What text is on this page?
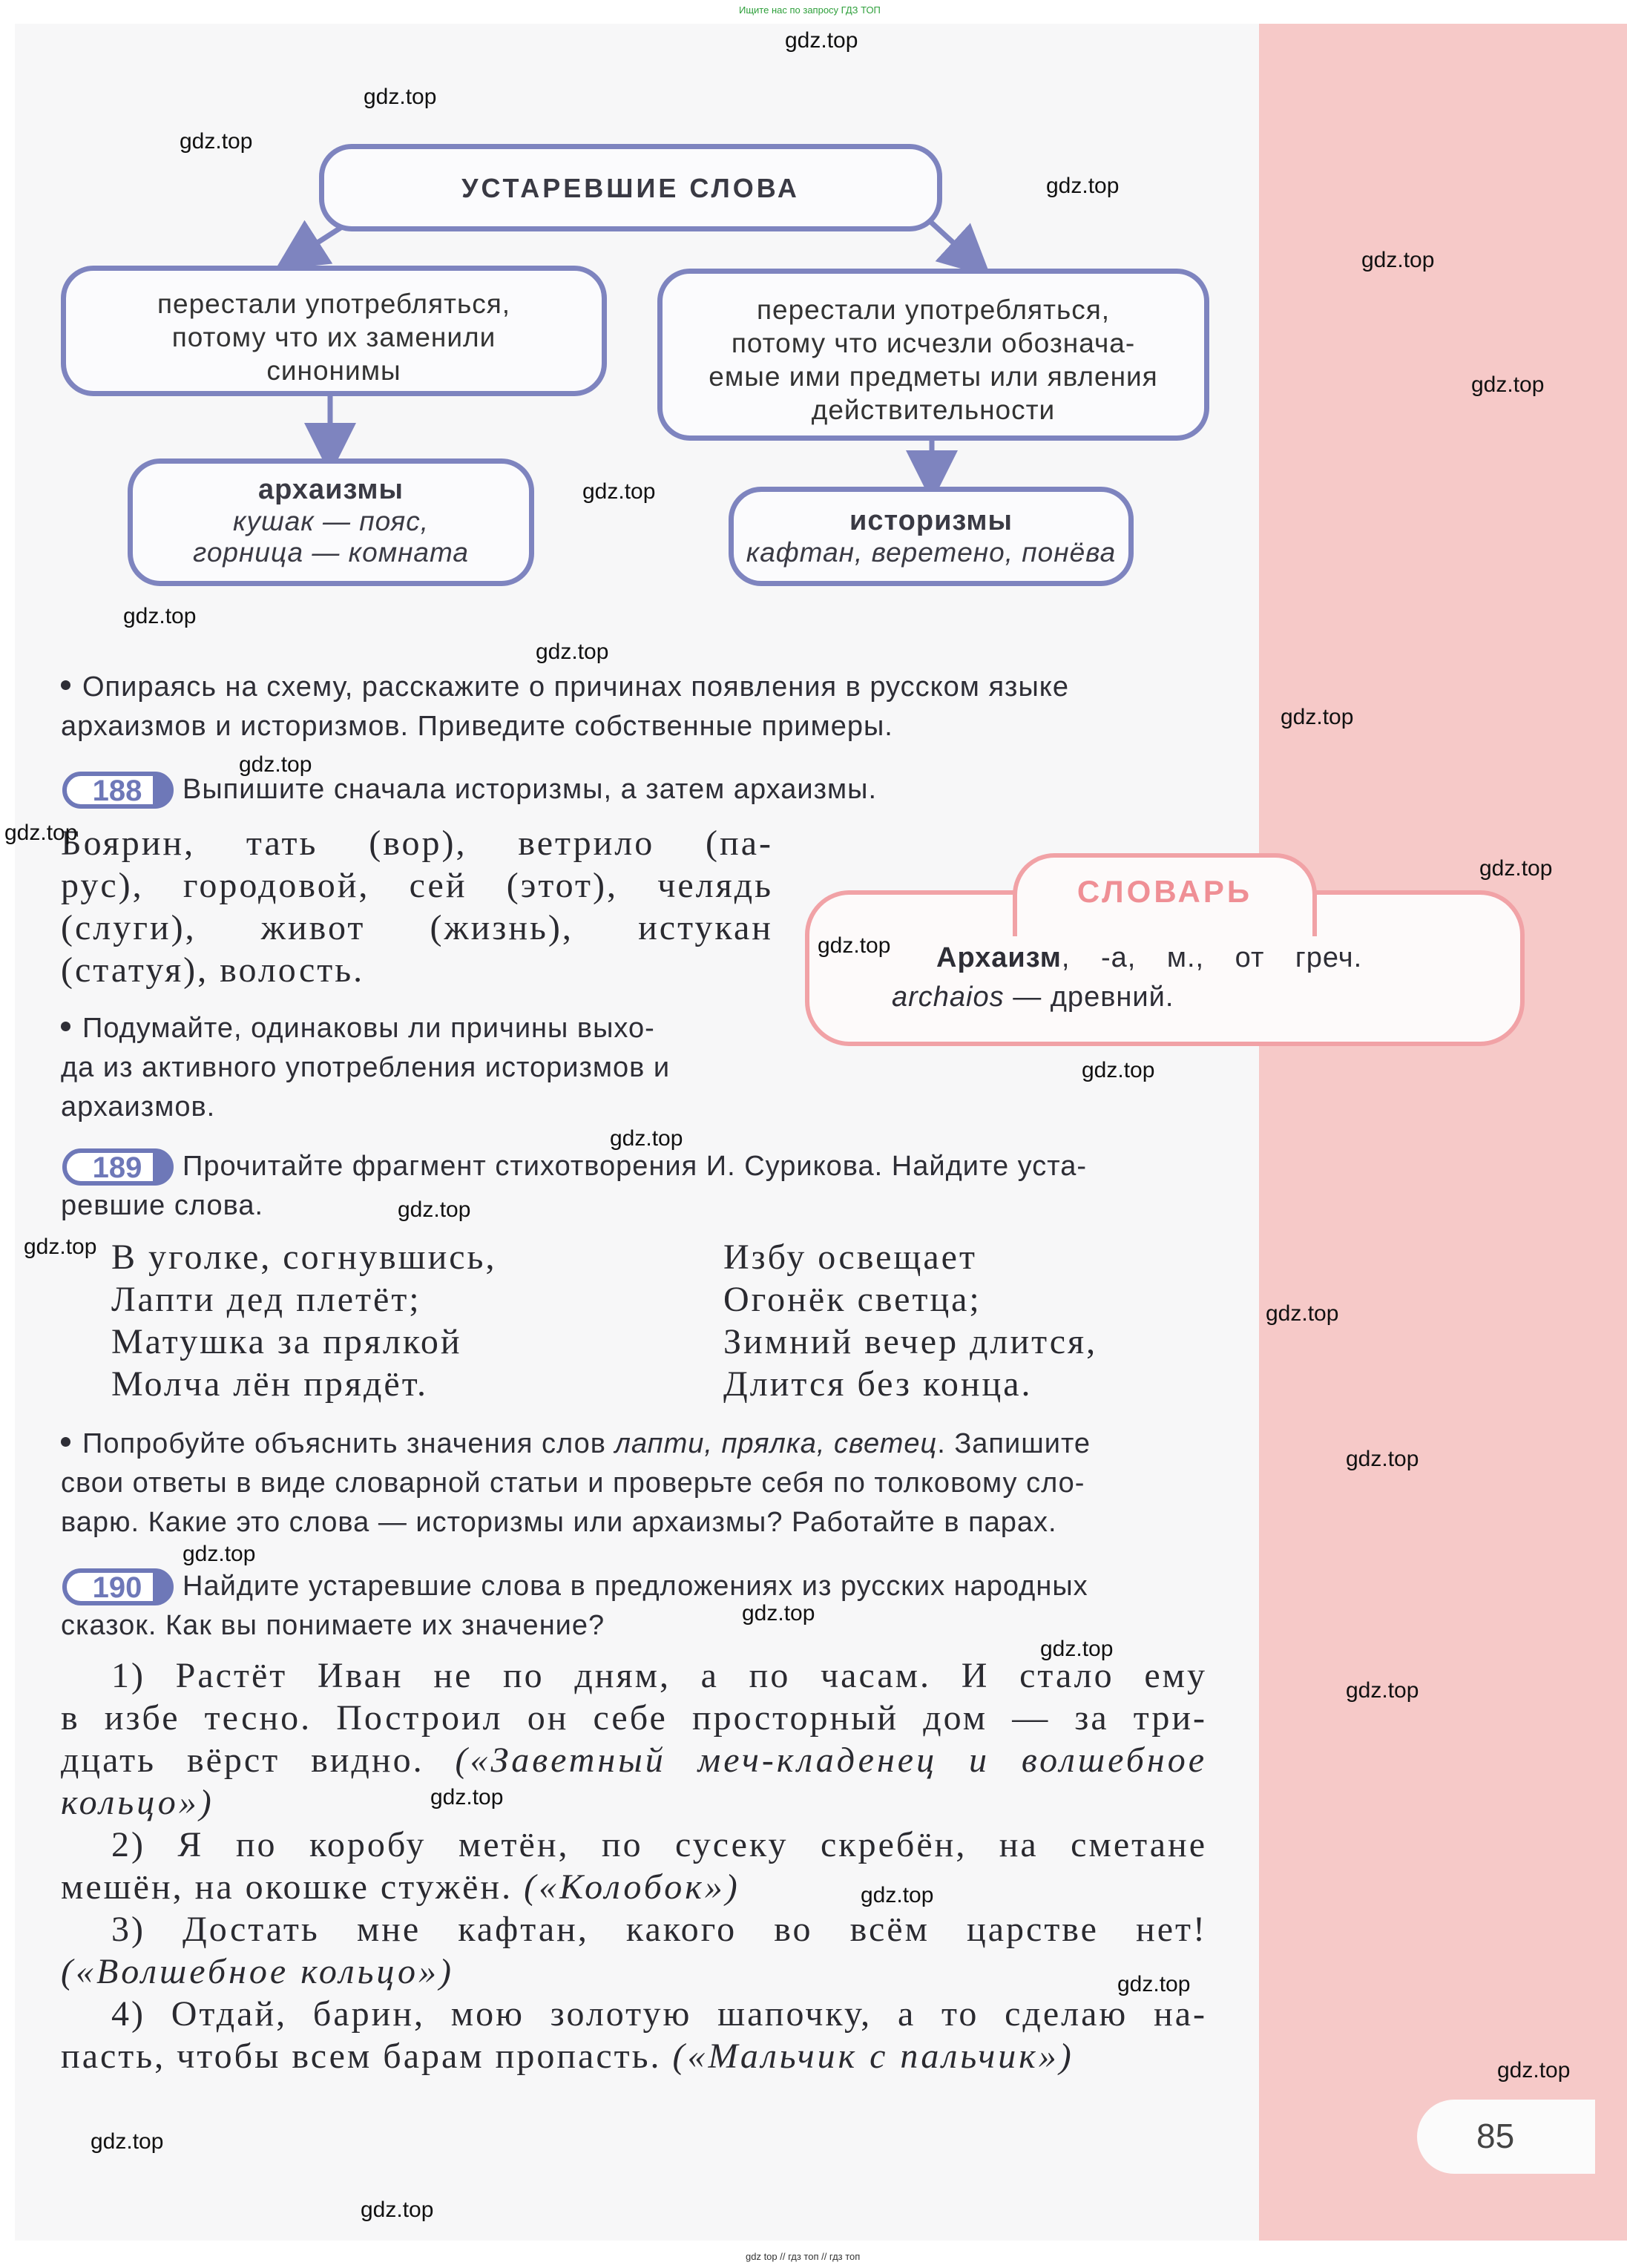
Ищите нас по запросу ГДЗ ТОП
gdz top // гдз топ // гдз топ
УСТАРЕВШИЕ СЛОВА
перестали употребляться,
потому что их заменили
синонимы
перестали употребляться,
потому что исчезли обознача-
емые ими предметы или явления
действительности
архаизмы
кушак — пояс,
горница — комната
историзмы
кафтан, веретено, понёва
Опираясь на схему, расскажите о причинах появления в русском языке
архаизмов и историзмов. Приведите собственные примеры.
188	Выпишите сначала историзмы, а затем архаизмы.
Боярин, тать (вор), ветрило (па-
рус), городовой, сей (этот), челядь
(слуги), живот (жизнь), истукан
(статуя), волость.
Подумайте, одинаковы ли причины выхо-
да из активного употребления историзмов и
архаизмов.
СЛОВАРЬ
Архаизм, -а, м., от греч.
archaios — древний.
189	Прочитайте фрагмент стихотворения И. Сурикова. Найдите уста-
ревшие слова.
В уголке, согнувшись,
Лапти дед плетёт;
Матушка за прялкой
Молча лён прядёт.
Избу освещает
Огонёк светца;
Зимний вечер длится,
Длится без конца.
Попробуйте объяснить значения слов лапти, прялка, светец. Запишите
свои ответы в виде словарной статьи и проверьте себя по толковому сло-
варю. Какие это слова — историзмы или архаизмы? Работайте в парах.
190	Найдите устаревшие слова в предложениях из русских народных
сказок. Как вы понимаете их значение?
1) Растёт Иван не по дням, а по часам. И стало ему
в избе тесно. Построил он себе просторный дом — за три-
дцать вёрст видно. («Заветный меч-кладенец и волшебное
кольцо»)
2) Я по коробу метён, по сусеку скребён, на сметане
мешён, на окошке стужён. («Колобок»)
3) Достать мне кафтан, какого во всём царстве нет!
(«Волшебное кольцо»)
4) Отдай, барин, мою золотую шапочку, а то сделаю на-
пасть, чтобы всем барам пропасть. («Мальчик с пальчик»)
85
gdz.top
gdz.top
gdz.top
gdz.top
gdz.top
gdz.top
gdz.top
gdz.top
gdz.top
gdz.top
gdz.top
gdz.top
gdz.top
gdz.top
gdz.top
gdz.top
gdz.top
gdz.top
gdz.top
gdz.top
gdz.top
gdz.top
gdz.top
gdz.top
gdz.top
gdz.top
gdz.top
gdz.top
gdz.top
gdz.top
